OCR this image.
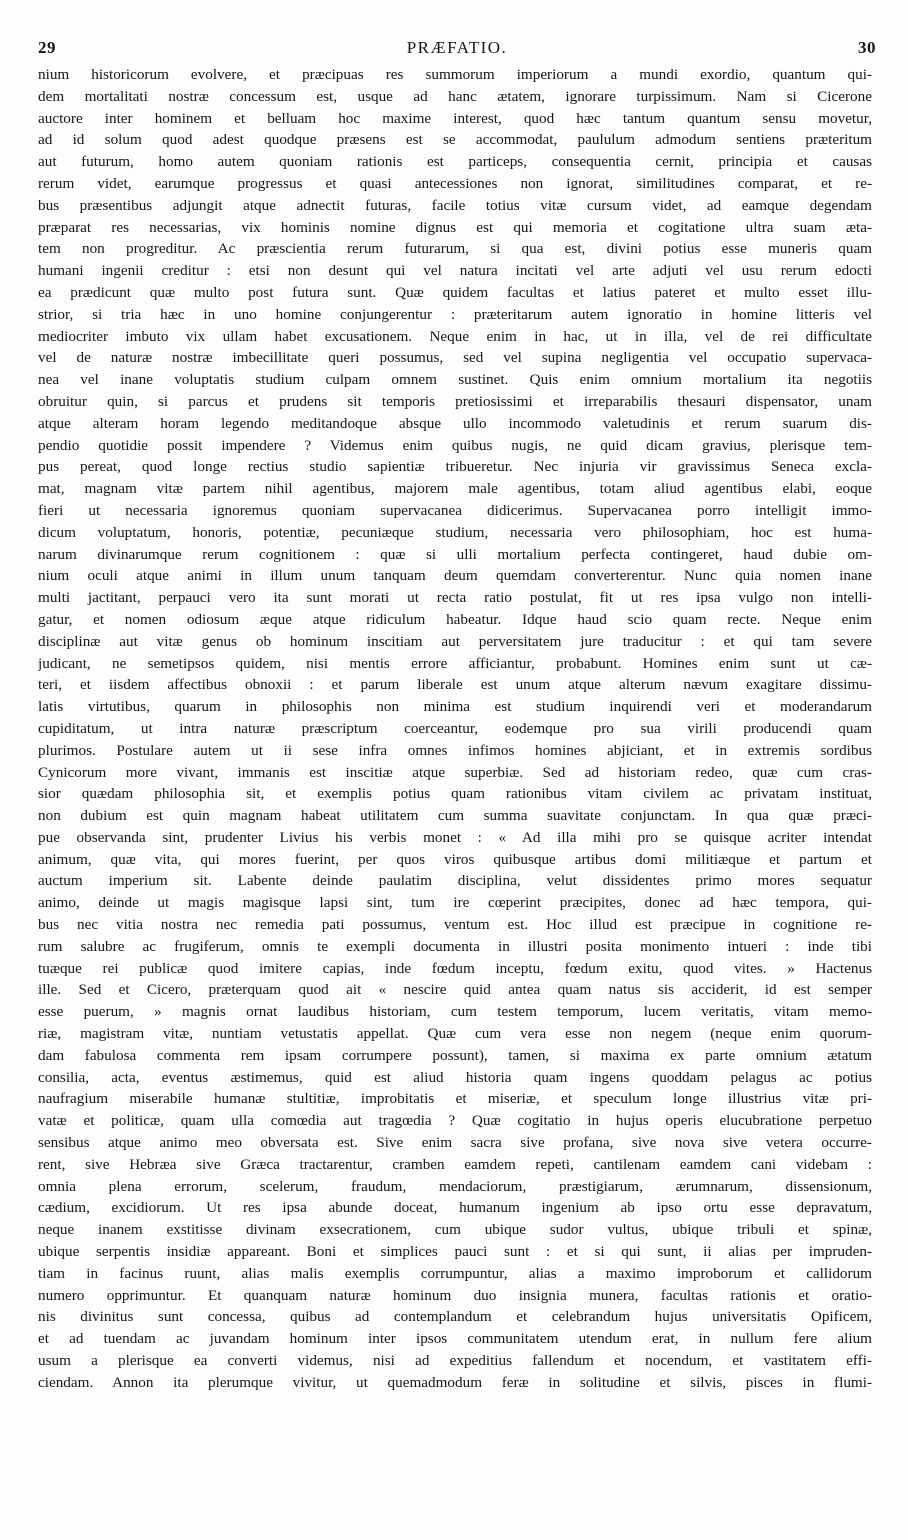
29	PRÆFATIO.	30
nium historicorum evolvere, et præcipuas res summorum imperiorum a mundi exordio, quantum qui-
dem mortalitati nostræ concessum est, usque ad hanc ætatem, ignorare turpissimum. Nam si Cicerone
auctore inter hominem et belluam hoc maxime interest, quod hæc tantum quantum sensu movetur,
ad id solum quod adest quodque præsens est se accommodat, paululum admodum sentiens præteritum
aut futurum, homo autem quoniam rationis est particeps, consequentia cernit, principia et causas
rerum videt, earumque progressus et quasi antecessiones non ignorat, similitudines comparat, et re-
bus præsentibus adjungit atque adnectit futuras, facile totius vitæ cursum videt, ad eamque degendam
præparat res necessarias, vix hominis nomine dignus est qui memoria et cogitatione ultra suam æta-
tem non progreditur. Ac præscientia rerum futurarum, si qua est, divini potius esse muneris quam
humani ingenii creditur : etsi non desunt qui vel natura incitati vel arte adjuti vel usu rerum edocti
ea prædicunt quæ multo post futura sunt. Quæ quidem facultas et latius pateret et multo esset illu-
strior, si tria hæc in uno homine conjungerentur : præteritarum autem ignoratio in homine litteris vel
mediocriter imbuto vix ullam habet excusationem. Neque enim in hac, ut in illa, vel de rei difficultate
vel de naturæ nostræ imbecillitate queri possumus, sed vel supina negligentia vel occupatio supervaca-
nea vel inane voluptatis studium culpam omnem sustinet. Quis enim omnium mortalium ita negotiis
obruitur quin, si parcus et prudens sit temporis pretiosissimi et irreparabilis thesauri dispensator, unam
atque alteram horam legendo meditandoque absque ullo incommodo valetudinis et rerum suarum dis-
pendio quotidie possit impendere ? Videmus enim quibus nugis, ne quid dicam gravius, plerisque tem-
pus pereat, quod longe rectius studio sapientiæ tribueretur. Nec injuria vir gravissimus Seneca excla-
mat, magnam vitæ partem nihil agentibus, majorem male agentibus, totam aliud agentibus elabi, eoque
fieri ut necessaria ignoremus quoniam supervacanea didicerimus. Supervacanea porro intelligit immo-
dicum voluptatum, honoris, potentiæ, pecuniæque studium, necessaria vero philosophiam, hoc est huma-
narum divinarumque rerum cognitionem : quæ si ulli mortalium perfecta contingeret, haud dubie om-
nium oculi atque animi in illum unum tanquam deum quemdam converterentur. Nunc quia nomen inane
multi jactitant, perpauci vero ita sunt morati ut recta ratio postulat, fit ut res ipsa vulgo non intelli-
gatur, et nomen odiosum æque atque ridiculum habeatur. Idque haud scio quam recte. Neque enim
disciplinæ aut vitæ genus ob hominum inscitiam aut perversitatem jure traducitur : et qui tam severe
judicant, ne semetipsos quidem, nisi mentis errore afficiantur, probabunt. Homines enim sunt ut cæ-
teri, et iisdem affectibus obnoxii : et parum liberale est unum atque alterum nævum exagitare dissimu-
latis virtutibus, quarum in philosophis non minima est studium inquirendi veri et moderandarum
cupiditatum, ut intra naturæ præscriptum coerceantur, eodemque pro sua virili producendi quam
plurimos. Postulare autem ut ii sese infra omnes infimos homines abjiciant, et in extremis sordibus
Cynicorum more vivant, immanis est inscitiæ atque superbiæ. Sed ad historiam redeo, quæ cum cras-
sior quædam philosophia sit, et exemplis potius quam rationibus vitam civilem ac privatam instituat,
non dubium est quin magnam habeat utilitatem cum summa suavitate conjunctam. In qua quæ præci-
pue observanda sint, prudenter Livius his verbis monet : « Ad illa mihi pro se quisque acriter intendat
animum, quæ vita, qui mores fuerint, per quos viros quibusque artibus domi militiæque et partum et
auctum imperium sit. Labente deinde paulatim disciplina, velut dissidentes primo mores sequatur
animo, deinde ut magis magisque lapsi sint, tum ire cœperint præcipites, donec ad hæc tempora, qui-
bus nec vitia nostra nec remedia pati possumus, ventum est. Hoc illud est præcipue in cognitione re-
rum salubre ac frugiferum, omnis te exempli documenta in illustri posita monimento intueri : inde tibi
tuæque rei publicæ quod imitere capias, inde fœdum inceptu, fœdum exitu, quod vites. » Hactenus
ille. Sed et Cicero, præterquam quod ait « nescire quid antea quam natus sis acciderit, id est semper
esse puerum, » magnis ornat laudibus historiam, cum testem temporum, lucem veritatis, vitam memo-
riæ, magistram vitæ, nuntiam vetustatis appellat. Quæ cum vera esse non negem (neque enim quorum-
dam fabulosa commenta rem ipsam corrumpere possunt), tamen, si maxima ex parte omnium ætatum
consilia, acta, eventus æstimemus, quid est aliud historia quam ingens quoddam pelagus ac potius
naufragium miserabile humanæ stultitiæ, improbitatis et miseriæ, et speculum longe illustrius vitæ pri-
vatæ et politicæ, quam ulla comœdia aut tragœdia ? Quæ cogitatio in hujus operis elucubratione perpetuo
sensibus atque animo meo obversata est. Sive enim sacra sive profana, sive nova sive vetera occurre-
rent, sive Hebræa sive Græca tractarentur, cramben eamdem repeti, cantilenam eamdem cani videbam :
omnia plena errorum, scelerum, fraudum, mendaciorum, præstigiarum, ærumnarum, dissensionum,
cædium, excidiorum. Ut res ipsa abunde doceat, humanum ingenium ab ipso ortu esse depravatum,
neque inanem exstitisse divinam exsecrationem, cum ubique sudor vultus, ubique tribuli et spinæ,
ubique serpentis insidiæ appareant. Boni et simplices pauci sunt : et si qui sunt, ii alias per impruden-
tiam in facinus ruunt, alias malis exemplis corrumpuntur, alias a maximo improborum et callidorum
numero opprimuntur. Et quanquam naturæ hominum duo insignia munera, facultas rationis et oratio-
nis divinitus sunt concessa, quibus ad contemplandum et celebrandum hujus universitatis Opificem,
et ad tuendam ac juvandam hominum inter ipsos communitatem utendum erat, in nullum fere alium
usum a plerisque ea converti videmus, nisi ad expeditius fallendum et nocendum, et vastitatem effi-
ciendam. Annon ita plerumque vivitur, ut quemadmodum feræ in solitudine et silvis, pisces in flumi-
